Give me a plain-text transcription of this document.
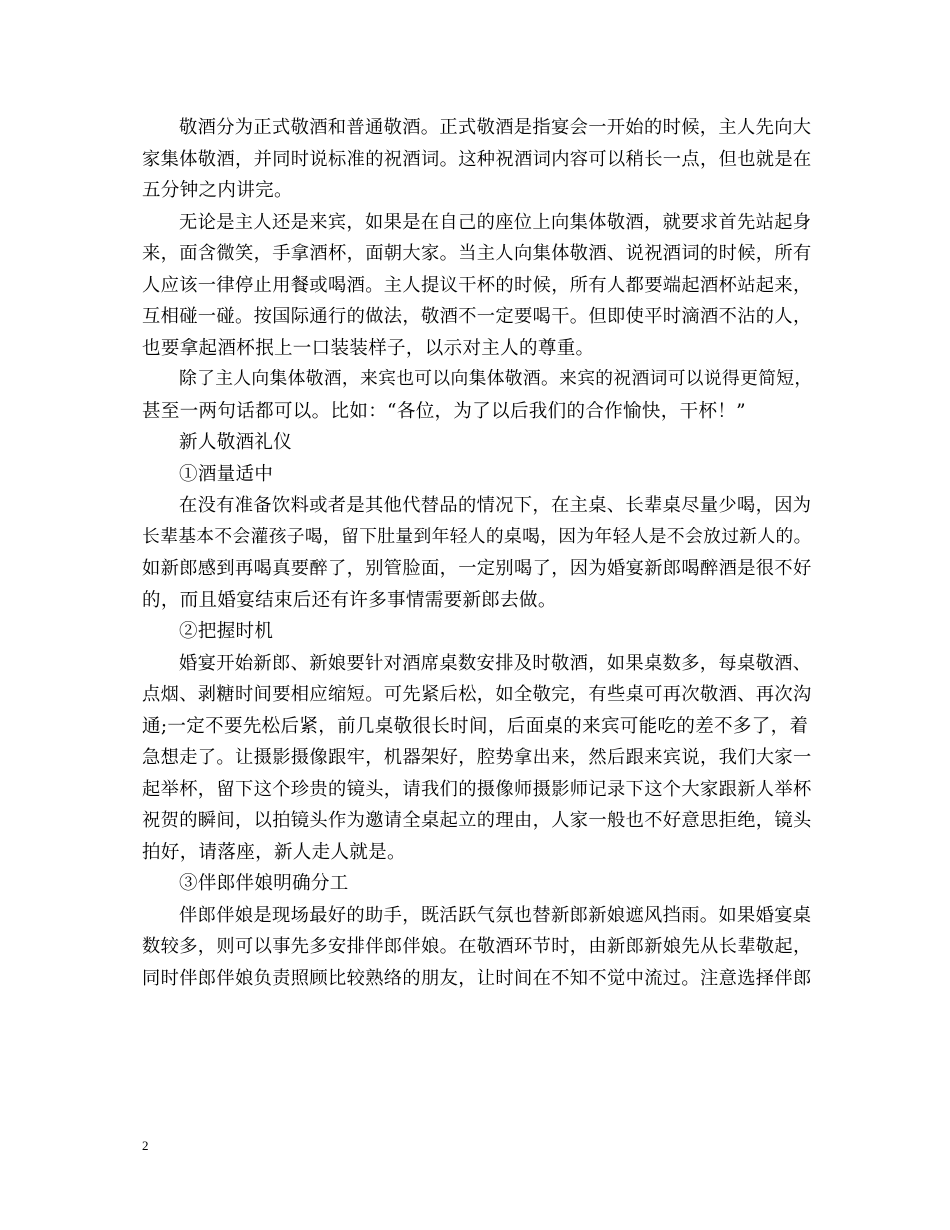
敬酒分为正式敬酒和普通敬酒。正式敬酒是指宴会一开始的时候，主人先向大
家集体敬酒，并同时说标准的祝酒词。这种祝酒词内容可以稍长一点，但也就是在
五分钟之内讲完。
无论是主人还是来宾，如果是在自己的座位上向集体敬酒，就要求首先站起身
来，面含微笑，手拿酒杯，面朝大家。当主人向集体敬酒、说祝酒词的时候，所有
人应该一律停止用餐或喝酒。主人提议干杯的时候，所有人都要端起酒杯站起来，
互相碰一碰。按国际通行的做法，敬酒不一定要喝干。但即使平时滴酒不沾的人，
也要拿起酒杯抿上一口装装样子，以示对主人的尊重。
除了主人向集体敬酒，来宾也可以向集体敬酒。来宾的祝酒词可以说得更简短，
甚至一两句话都可以。比如：“各位，为了以后我们的合作愉快，干杯！”
新人敬酒礼仪
①酒量适中
在没有准备饮料或者是其他代替品的情况下，在主桌、长辈桌尽量少喝，因为
长辈基本不会灌孩子喝，留下肚量到年轻人的桌喝，因为年轻人是不会放过新人的。
如新郎感到再喝真要醉了，别管脸面，一定别喝了，因为婚宴新郎喝醉酒是很不好
的，而且婚宴结束后还有许多事情需要新郎去做。
②把握时机
婚宴开始新郎、新娘要针对酒席桌数安排及时敬酒，如果桌数多，每桌敬酒、
点烟、剥糖时间要相应缩短。可先紧后松，如全敬完，有些桌可再次敬酒、再次沟
通;一定不要先松后紧，前几桌敬很长时间，后面桌的来宾可能吃的差不多了，着
急想走了。让摄影摄像跟牢，机器架好，腔势拿出来，然后跟来宾说，我们大家一
起举杯，留下这个珍贵的镜头，请我们的摄像师摄影师记录下这个大家跟新人举杯
祝贺的瞬间，以拍镜头作为邀请全桌起立的理由，人家一般也不好意思拒绝，镜头
拍好，请落座，新人走人就是。
③伴郎伴娘明确分工
伴郎伴娘是现场最好的助手，既活跃气氛也替新郎新娘遮风挡雨。如果婚宴桌
数较多，则可以事先多安排伴郎伴娘。在敬酒环节时，由新郎新娘先从长辈敬起，
同时伴郎伴娘负责照顾比较熟络的朋友，让时间在不知不觉中流过。注意选择伴郎
2
